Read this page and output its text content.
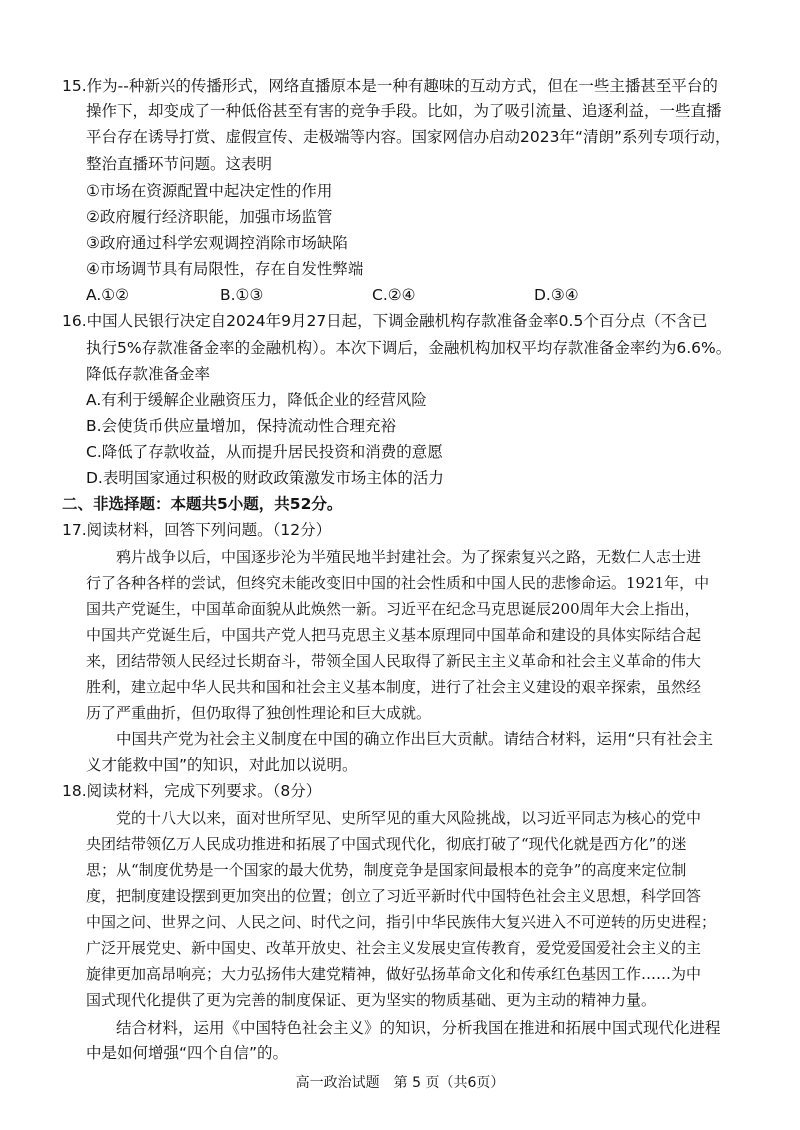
15.作为--种新兴的传播形式，网络直播原本是一种有趣味的互动方式，但在一些主播甚至平台的
操作下，却变成了一种低俗甚至有害的竞争手段。比如，为了吸引流量、追逐利益，一些直播
平台存在诱导打赏、虚假宣传、走极端等内容。国家网信办启动2023年“清朗”系列专项行动，
整治直播环节问题。这表明
①市场在资源配置中起决定性的作用
②政府履行经济职能，加强市场监管
③政府通过科学宏观调控消除市场缺陷
④市场调节具有局限性，存在自发性弊端
A.①②	B.①③	C.②④	D.③④
16.中国人民银行决定自2024年9月27日起，下调金融机构存款准备金率0.5个百分点（不含已
执行5%存款准备金率的金融机构）。本次下调后，金融机构加权平均存款准备金率约为6.6%。
降低存款准备金率
A.有利于缓解企业融资压力，降低企业的经营风险
B.会使货币供应量增加，保持流动性合理充裕
C.降低了存款收益，从而提升居民投资和消费的意愿
D.表明国家通过积极的财政政策激发市场主体的活力
二、非选择题：本题共5小题，共52分。
17.阅读材料，回答下列问题。（12分）
鸦片战争以后，中国逐步沦为半殖民地半封建社会。为了探索复兴之路，无数仁人志士进
行了各种各样的尝试，但终究未能改变旧中国的社会性质和中国人民的悲惨命运。1921年，中
国共产党诞生，中国革命面貌从此焕然一新。习近平在纪念马克思诞辰200周年大会上指出，
中国共产党诞生后，中国共产党人把马克思主义基本原理同中国革命和建设的具体实际结合起
来，团结带领人民经过长期奋斗，带领全国人民取得了新民主主义革命和社会主义革命的伟大
胜利，建立起中华人民共和国和社会主义基本制度，进行了社会主义建设的艰辛探索，虽然经
历了严重曲折，但仍取得了独创性理论和巨大成就。
中国共产党为社会主义制度在中国的确立作出巨大贡献。请结合材料，运用“只有社会主
义才能救中国”的知识，对此加以说明。
18.阅读材料，完成下列要求。（8分）
党的十八大以来，面对世所罕见、史所罕见的重大风险挑战，以习近平同志为核心的党中
央团结带领亿万人民成功推进和拓展了中国式现代化，彻底打破了“现代化就是西方化”的迷
思；从“制度优势是一个国家的最大优势，制度竞争是国家间最根本的竞争”的高度来定位制
度，把制度建设摆到更加突出的位置；创立了习近平新时代中国特色社会主义思想，科学回答
中国之问、世界之问、人民之问、时代之问，指引中华民族伟大复兴进入不可逆转的历史进程；
广泛开展党史、新中国史、改革开放史、社会主义发展史宣传教育，爱党爱国爱社会主义的主
旋律更加高昂响亮；大力弘扬伟大建党精神，做好弘扬革命文化和传承红色基因工作……为中
国式现代化提供了更为完善的制度保证、更为坚实的物质基础、更为主动的精神力量。
结合材料，运用《中国特色社会主义》的知识，分析我国在推进和拓展中国式现代化进程
中是如何增强“四个自信”的。
高一政治试题　第 5 页（共6页）
